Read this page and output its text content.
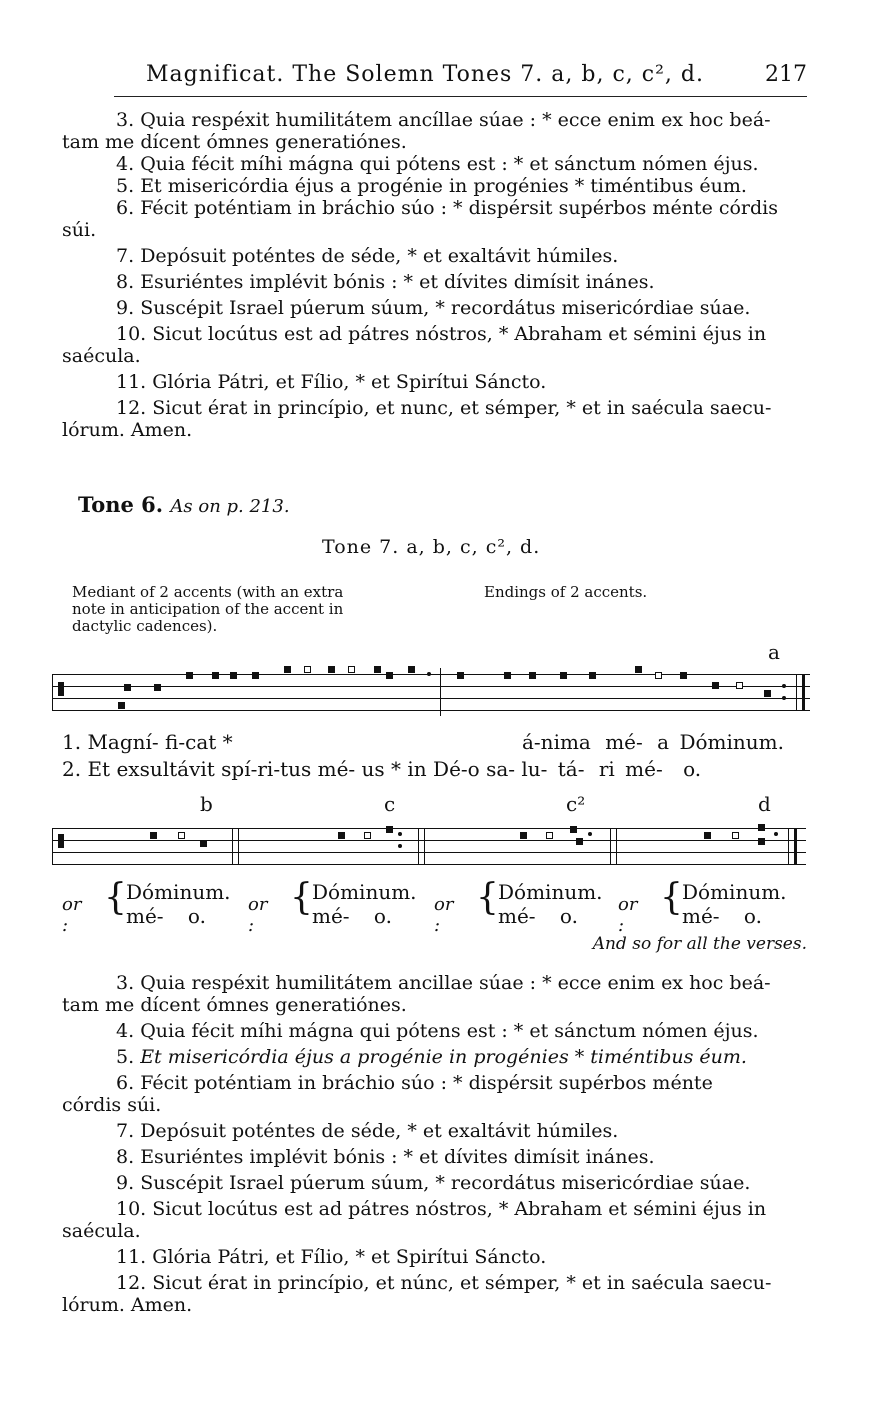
Magnificat. The Solemn Tones 7. a, b, c, c², d.	217

3. Quia respéxit humilitátem ancíllae súae : * ecce enim ex hoc beá-
tam me dícent ómnes generatiónes.

4. Quia fécit míhi mágna qui pótens est : * et sánctum nómen éjus.

5. Et misericórdia éjus a progénie in progénies * timéntibus éum.

6. Fécit poténtiam in bráchio súo : * dispérsit supérbos ménte córdis
súi.

7. Depósuit poténtes de séde, * et exaltávit húmiles.

8. Esuriéntes implévit bónis : * et dívites dimísit inánes.

9. Suscépit Israel púerum súum, * recordátus misericórdiae súae.

10. Sicut locútus est ad pátres nóstros, * Abraham et sémini éjus in
saécula.

11. Glória Pátri, et Fílio, * et Spirítui Sáncto.

12. Sicut érat in princípio, et nunc, et sémper, * et in saécula saecu-
lórum. Amen.

Tone 6. As on p. 213.
Tone 7. a, b, c, c², d.
Mediant of 2 accents (with an extra
note in anticipation of the accent in
dactylic cadences).
Endings of 2 accents.
a
1. Magní- fi-cat *	á-nima mé- a Dóminum.
2. Et exsultávit spí-ri-tus mé- us * in Dé-o sa- lu- tá- ri mé- o.
b	c	c²	d
or :
{ Dóminum.
mé- o. or :
{ Dóminum.
mé- o. or :
{ Dóminum.
mé- o. or :
{ Dóminum.
mé- o.
And so for all the verses.

3. Quia respéxit humilitátem ancillae súae : * ecce enim ex hoc beá-
tam me dícent ómnes generatiónes.

4. Quia fécit míhi mágna qui pótens est : * et sánctum nómen éjus.

5. Et misericórdia éjus a progénie in progénies * timéntibus éum.

6. Fécit poténtiam in bráchio súo : * dispérsit supérbos ménte
córdis súi.

7. Depósuit poténtes de séde, * et exaltávit húmiles.

8. Esuriéntes implévit bónis : * et dívites dimísit inánes.

9. Suscépit Israel púerum súum, * recordátus misericórdiae súae.

10. Sicut locútus est ad pátres nóstros, * Abraham et sémini éjus in
saécula.

11. Glória Pátri, et Fílio, * et Spirítui Sáncto.

12. Sicut érat in princípio, et núnc, et sémper, * et in saécula saecu-
lórum. Amen.
